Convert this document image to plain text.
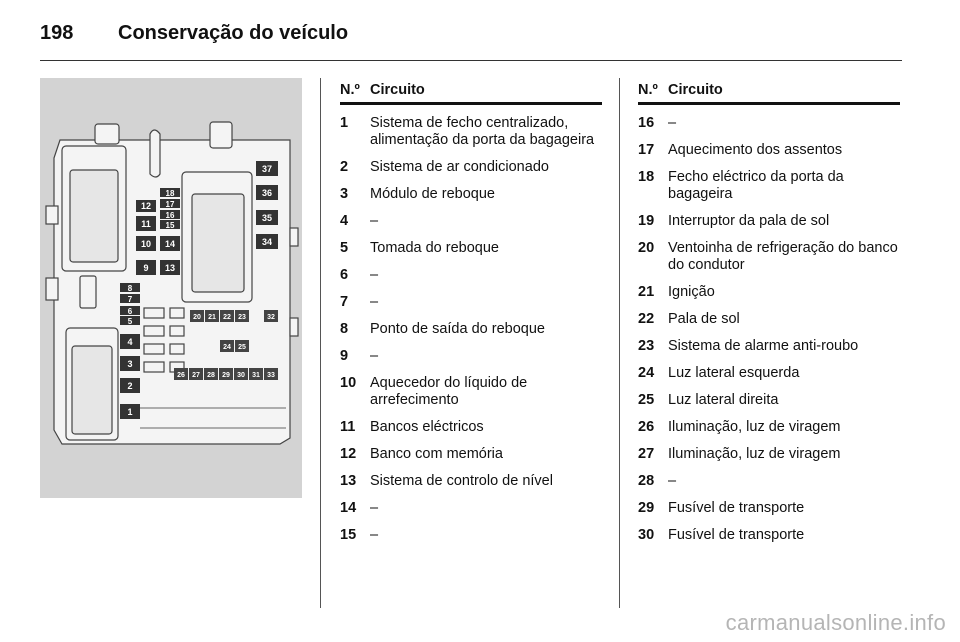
198	Conservação do veículo
1
2
3
4
5
6
7
8
9
10
11
12
13
14
15
16
17
18
34
35
36
37
20 21 22 23
24 25
26 27 28 29 30 31
32
33
N.º Circuito
1	Sistema de fecho centralizado, alimentação da porta da bagageira
2	Sistema de ar condicionado
3	Módulo de reboque
4	–
5	Tomada do reboque
6	–
7	–
8	Ponto de saída do reboque
9	–
10 Aquecedor do líquido de arrefecimento
11	Bancos eléctricos
12 Banco com memória
13 Sistema de controlo de nível
14 –
15 –
N.º Circuito
16 –
17 Aquecimento dos assentos
18 Fecho eléctrico da porta da bagageira
19 Interruptor da pala de sol
20 Ventoinha de refrigeração do banco do condutor
21 Ignição
22 Pala de sol
23 Sistema de alarme anti-roubo
24 Luz lateral esquerda
25 Luz lateral direita
26 Iluminação, luz de viragem
27 Iluminação, luz de viragem
28 –
29 Fusível de transporte
30 Fusível de transporte
carmanualsonline.info
